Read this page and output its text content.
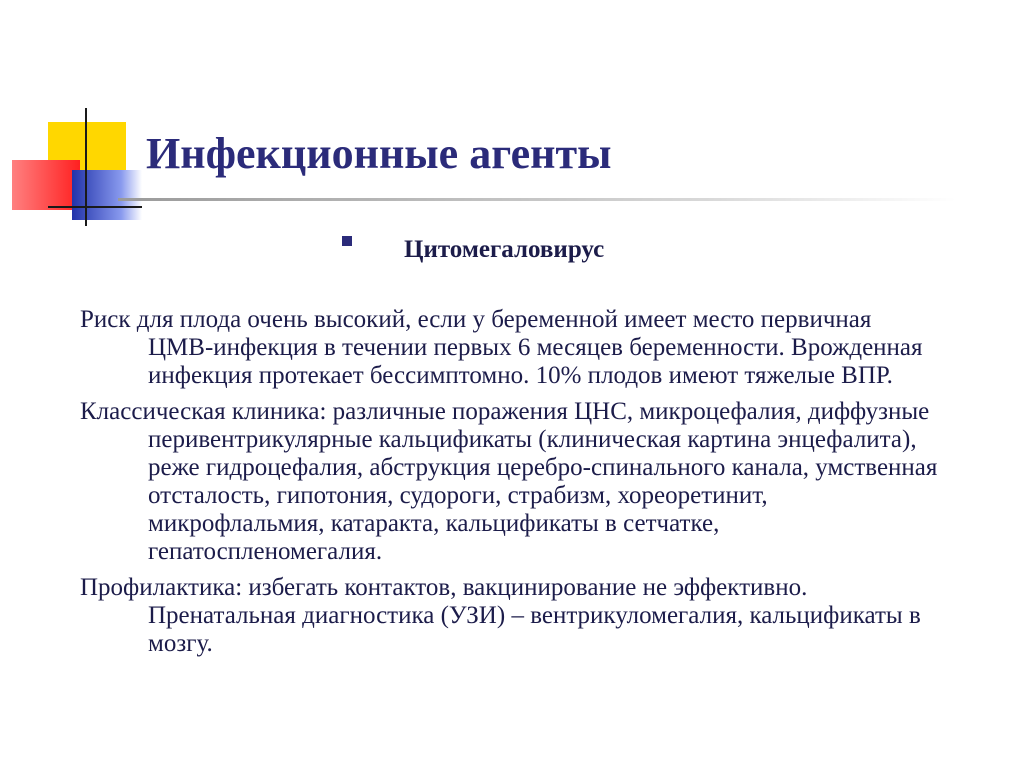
Инфекционные агенты
Цитомегаловирус

Риск для плода очень высокий, если у беременной имеет место первичная ЦМВ-инфекция в течении первых 6 месяцев беременности. Врожденная инфекция протекает бессимптомно. 10% плодов имеют тяжелые ВПР.

Классическая клиника: различные поражения ЦНС, микроцефалия, диффузные перивентрикулярные кальцификаты (клиническая картина энцефалита), реже гидроцефалия, абструкция церебро-спинального канала, умственная отсталость, гипотония, судороги, страбизм, хореоретинит, микрофлальмия, катаракта, кальцификаты в сетчатке, гепатоспленомегалия.

Профилактика: избегать контактов, вакцинирование не эффективно. Пренатальная диагностика (УЗИ) – вентрикуломегалия, кальцификаты в мозгу.
